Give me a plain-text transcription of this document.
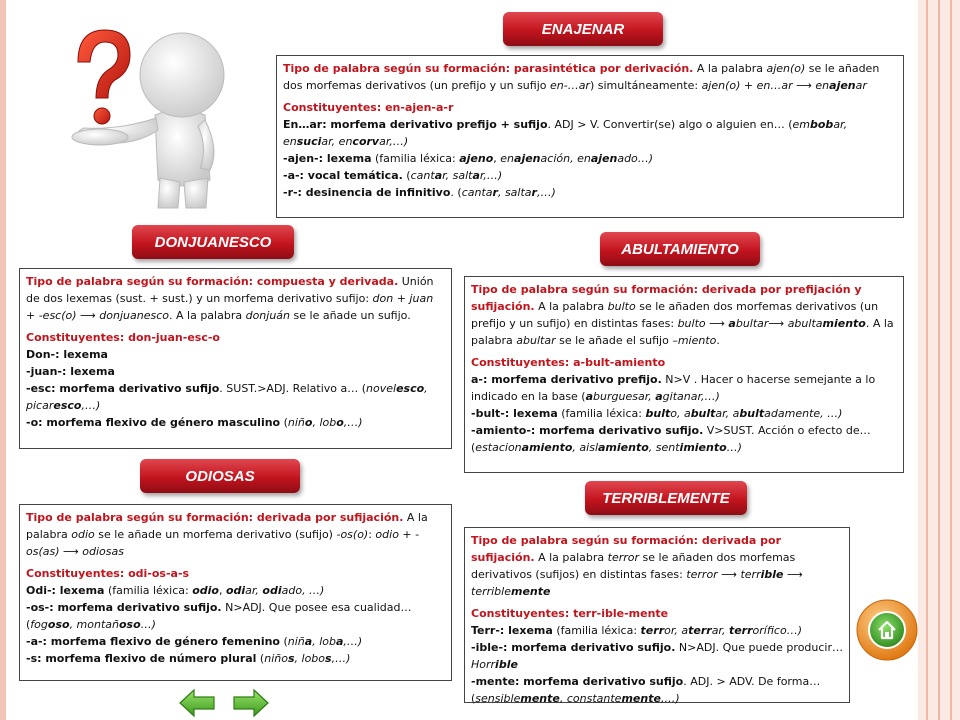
ENAJENAR

Tipo de palabra según su formación: parasintética por derivación. A la palabra ajen(o) se le añaden dos morfemas derivativos (un prefijo y un sufijo en-…ar) simultáneamente: ajen(o) + en…ar ⟶ enajenar

Constituyentes: en-ajen-a-r

En…ar: morfema derivativo prefijo + sufijo. ADJ > V. Convertir(se) algo o alguien en… (embobar, ensuciar, encorvar,…)

-ajen-: lexema (familia léxica: ajeno, enajenación, enajenado…)

-a-: vocal temática. (cantar, saltar,…)

-r-: desinencia de infinitivo. (cantar, saltar,…)

DONJUANESCO

Tipo de palabra según su formación: compuesta y derivada. Unión de dos lexemas (sust. + sust.) y un morfema derivativo sufijo: don + juan + -esc(o) ⟶ donjuanesco. A la palabra donjuán se le añade un sufijo.

Constituyentes: don-juan-esc-o

Don-: lexema

-juan-: lexema

-esc: morfema derivativo sufijo. SUST.>ADJ. Relativo a… (novelesco, picaresco,…)

-o: morfema flexivo de género masculino (niño, lobo,…)

ABULTAMIENTO

Tipo de palabra según su formación: derivada por prefijación y sufijación. A la palabra bulto se le añaden dos morfemas derivativos (un prefijo y un sufijo) en distintas fases: bulto ⟶ abultar⟶ abultamiento. A la palabra abultar se le añade el sufijo –miento.

Constituyentes: a-bult-amiento

a-: morfema derivativo prefijo. N>V . Hacer o hacerse semejante a lo indicado en la base (aburguesar, agitanar,…)

-bult-: lexema (familia léxica: bulto, abultar, abultadamente, …)

-amiento-: morfema derivativo sufijo. V>SUST. Acción o efecto de… (estacionamiento, aislamiento, sentimiento…)

ODIOSAS

Tipo de palabra según su formación: derivada por sufijación. A la palabra odio se le añade un morfema derivativo (sufijo) -os(o): odio + -os(as) ⟶ odiosas

Constituyentes: odi-os-a-s

Odi-: lexema (familia léxica: odio, odiar, odiado, …)

-os-: morfema derivativo sufijo. N>ADJ. Que posee esa cualidad… (fogoso, montañoso…)

-a-: morfema flexivo de género femenino (niña, loba,…)

-s: morfema flexivo de número plural (niños, lobos,…)

TERRIBLEMENTE

Tipo de palabra según su formación: derivada por sufijación. A la palabra terror se le añaden dos morfemas derivativos (sufijos) en distintas fases: terror ⟶ terrible ⟶ terriblemente

Constituyentes: terr-ible-mente

Terr-: lexema (familia léxica: terror, aterrar, terrorífico…)

-ible-: morfema derivativo sufijo. N>ADJ. Que puede producir… Horrible

-mente: morfema derivativo sufijo. ADJ. > ADV. De forma… (sensiblemente, constantemente,…)
